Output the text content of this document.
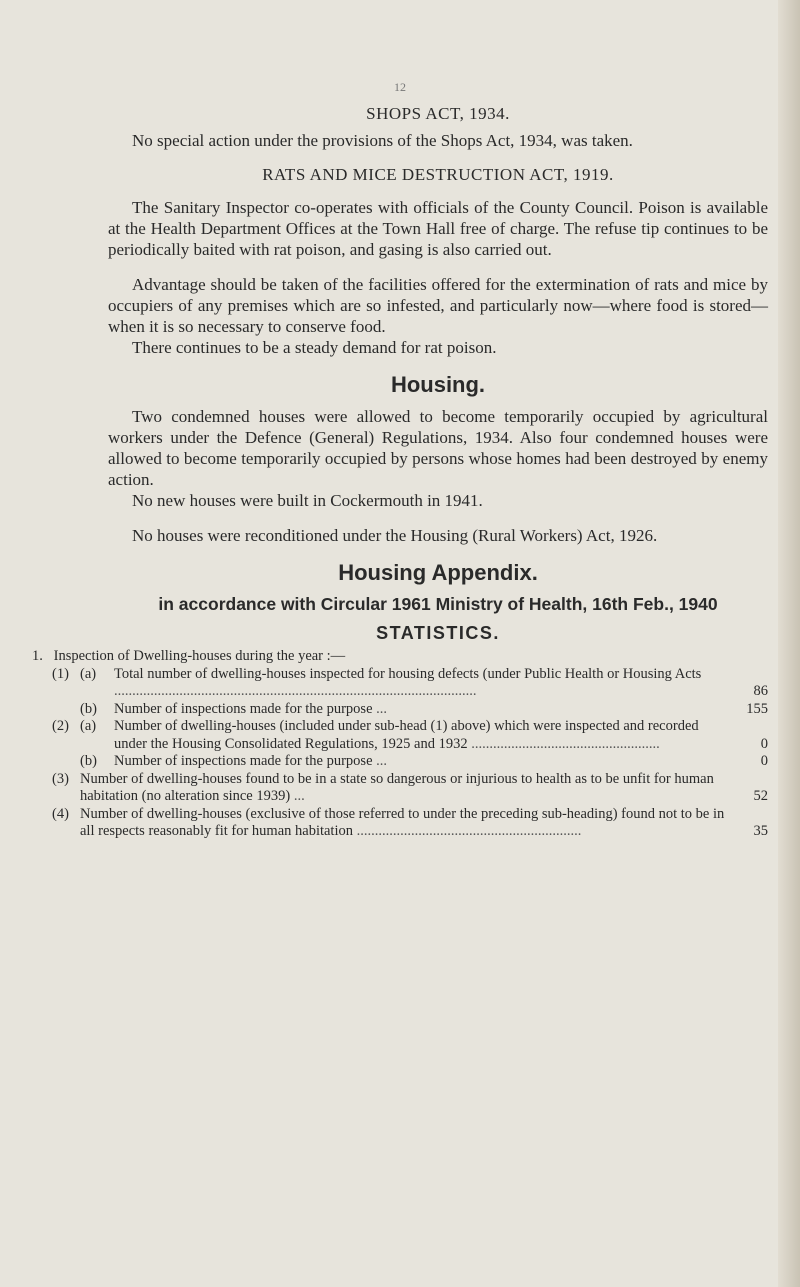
12

SHOPS ACT, 1934.

No special action under the provisions of the Shops Act, 1934, was taken.

RATS AND MICE DESTRUCTION ACT, 1919.

The Sanitary Inspector co-operates with officials of the County Council. Poison is available at the Health Department Offices at the Town Hall free of charge. The refuse tip continues to be periodically baited with rat poison, and gasing is also carried out.

Advantage should be taken of the facilities offered for the extermination of rats and mice by occupiers of any premises which are so infested, and particularly now—where food is stored—when it is so necessary to conserve food.

There continues to be a steady demand for rat poison.

Housing.

Two condemned houses were allowed to become temporarily occupied by agricultural workers under the Defence (General) Regulations, 1934. Also four condemned houses were allowed to become temporarily occupied by persons whose homes had been destroyed by enemy action.

No new houses were built in Cockermouth in 1941.

No houses were reconditioned under the Housing (Rural Workers) Act, 1926.

Housing Appendix.

in accordance with Circular 1961 Ministry of Health, 16th Feb., 1940

STATISTICS.

1. Inspection of Dwelling-houses during the year :—
(1) (a)	Total number of dwelling-houses inspected for housing defects (under Public Health or Housing Acts ....................................................................................................	86
(b)	Number of inspections made for the purpose ...	155
(2) (a)	Number of dwelling-houses (included under sub-head (1) above) which were inspected and recorded under the Housing Consolidated Regulations, 1925 and 1932 ....................................................	0
(b)	Number of inspections made for the purpose ...	0
(3) Number of dwelling-houses found to be in a state so dangerous or injurious to health as to be unfit for human habitation (no alteration since 1939) ...	52
(4) Number of dwelling-houses (exclusive of those referred to under the preceding sub-heading) found not to be in all respects reasonably fit for human habitation ..............................................................	35
